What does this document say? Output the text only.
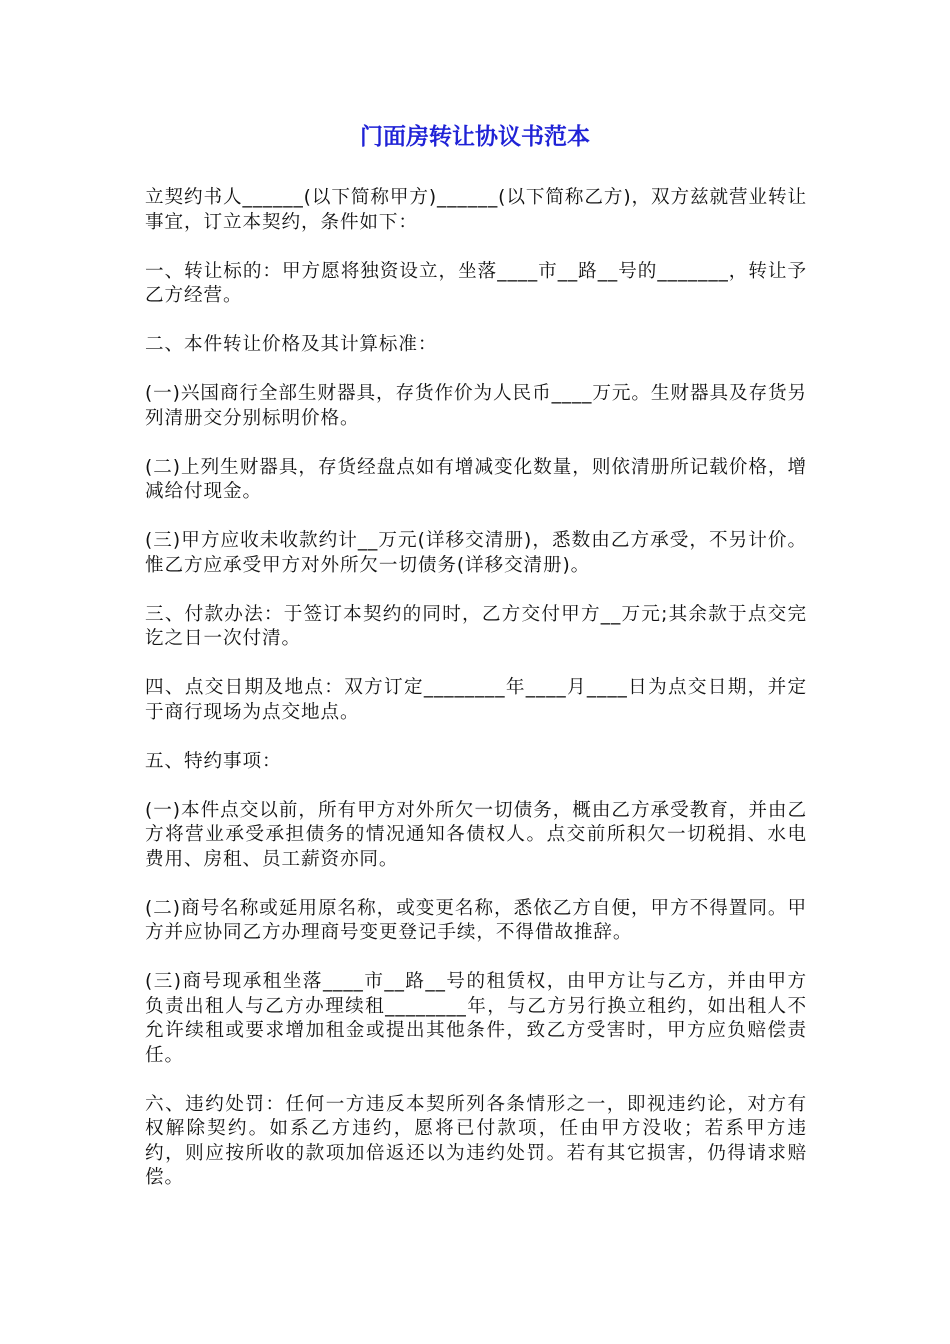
门面房转让协议书范本

立契约书人______(以下简称甲方)______(以下简称乙方)，双方兹就营业转让事宜，订立本契约，条件如下：

一、转让标的：甲方愿将独资设立，坐落____市__路__号的_______，转让予乙方经营。

二、本件转让价格及其计算标准：

(一)兴国商行全部生财器具，存货作价为人民币____万元。生财器具及存货另列清册交分别标明价格。

(二)上列生财器具，存货经盘点如有增减变化数量，则依清册所记载价格，增减给付现金。

(三)甲方应收未收款约计__万元(详移交清册)，悉数由乙方承受，不另计价。惟乙方应承受甲方对外所欠一切债务(详移交清册)。

三、付款办法：于签订本契约的同时，乙方交付甲方__万元;其余款于点交完讫之日一次付清。

四、点交日期及地点：双方订定________年____月____日为点交日期，并定于商行现场为点交地点。

五、特约事项：

(一)本件点交以前，所有甲方对外所欠一切债务，概由乙方承受教育，并由乙方将营业承受承担债务的情况通知各债权人。点交前所积欠一切税捐、水电费用、房租、员工薪资亦同。

(二)商号名称或延用原名称，或变更名称，悉依乙方自便，甲方不得置同。甲方并应协同乙方办理商号变更登记手续，不得借故推辞。

(三)商号现承租坐落____市__路__号的租赁权，由甲方让与乙方，并由甲方负责出租人与乙方办理续租________年，与乙方另行换立租约，如出租人不允许续租或要求增加租金或提出其他条件，致乙方受害时，甲方应负赔偿责任。

六、违约处罚：任何一方违反本契所列各条情形之一，即视违约论，对方有权解除契约。如系乙方违约，愿将已付款项，任由甲方没收；若系甲方违约，则应按所收的款项加倍返还以为违约处罚。若有其它损害，仍得请求赔偿。
